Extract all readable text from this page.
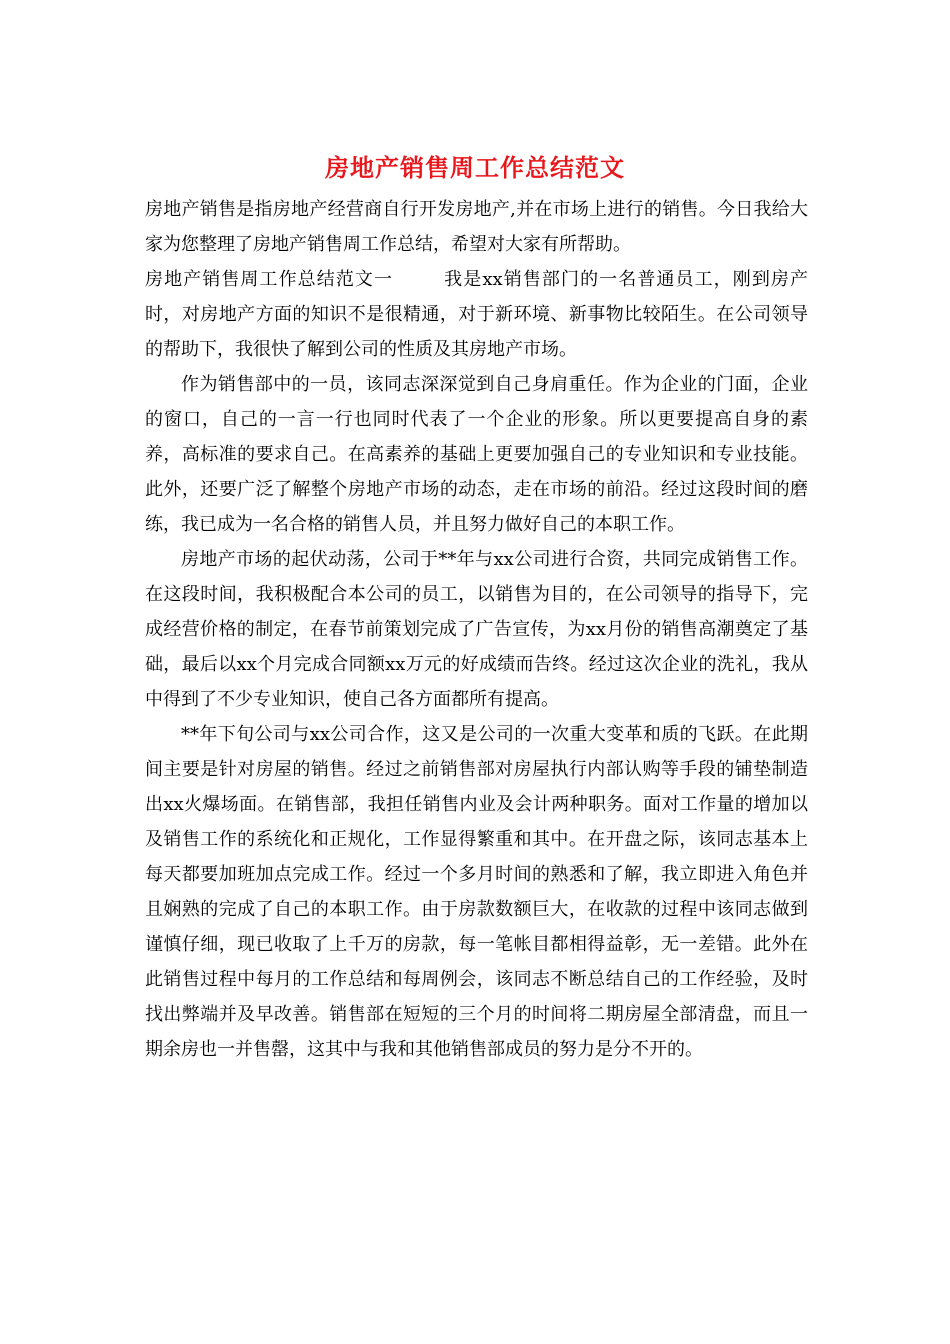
房地产销售周工作总结范文

房地产销售是指房地产经营商自行开发房地产,并在市场上进行的销售。今日我给大家为您整理了房地产销售周工作总结，希望对大家有所帮助。

房地产销售周工作总结范文一	我是xx销售部门的一名普通员工，刚到房产时，对房地产方面的知识不是很精通，对于新环境、新事物比较陌生。在公司领导的帮助下，我很快了解到公司的性质及其房地产市场。

作为销售部中的一员，该同志深深觉到自己身肩重任。作为企业的门面，企业的窗口，自己的一言一行也同时代表了一个企业的形象。所以更要提高自身的素养，高标准的要求自己。在高素养的基础上更要加强自己的专业知识和专业技能。此外，还要广泛了解整个房地产市场的动态，走在市场的前沿。经过这段时间的磨练，我已成为一名合格的销售人员，并且努力做好自己的本职工作。

房地产市场的起伏动荡，公司于**年与xx公司进行合资，共同完成销售工作。在这段时间，我积极配合本公司的员工，以销售为目的，在公司领导的指导下，完成经营价格的制定，在春节前策划完成了广告宣传，为xx月份的销售高潮奠定了基础，最后以xx个月完成合同额xx万元的好成绩而告终。经过这次企业的洗礼，我从中得到了不少专业知识，使自己各方面都所有提高。

**年下旬公司与xx公司合作，这又是公司的一次重大变革和质的飞跃。在此期间主要是针对房屋的销售。经过之前销售部对房屋执行内部认购等手段的铺垫制造出xx火爆场面。在销售部，我担任销售内业及会计两种职务。面对工作量的增加以及销售工作的系统化和正规化，工作显得繁重和其中。在开盘之际，该同志基本上每天都要加班加点完成工作。经过一个多月时间的熟悉和了解，我立即进入角色并且娴熟的完成了自己的本职工作。由于房款数额巨大，在收款的过程中该同志做到谨慎仔细，现已收取了上千万的房款，每一笔帐目都相得益彰，无一差错。此外在此销售过程中每月的工作总结和每周例会，该同志不断总结自己的工作经验，及时找出弊端并及早改善。销售部在短短的三个月的时间将二期房屋全部清盘，而且一期余房也一并售罄，这其中与我和其他销售部成员的努力是分不开的。
